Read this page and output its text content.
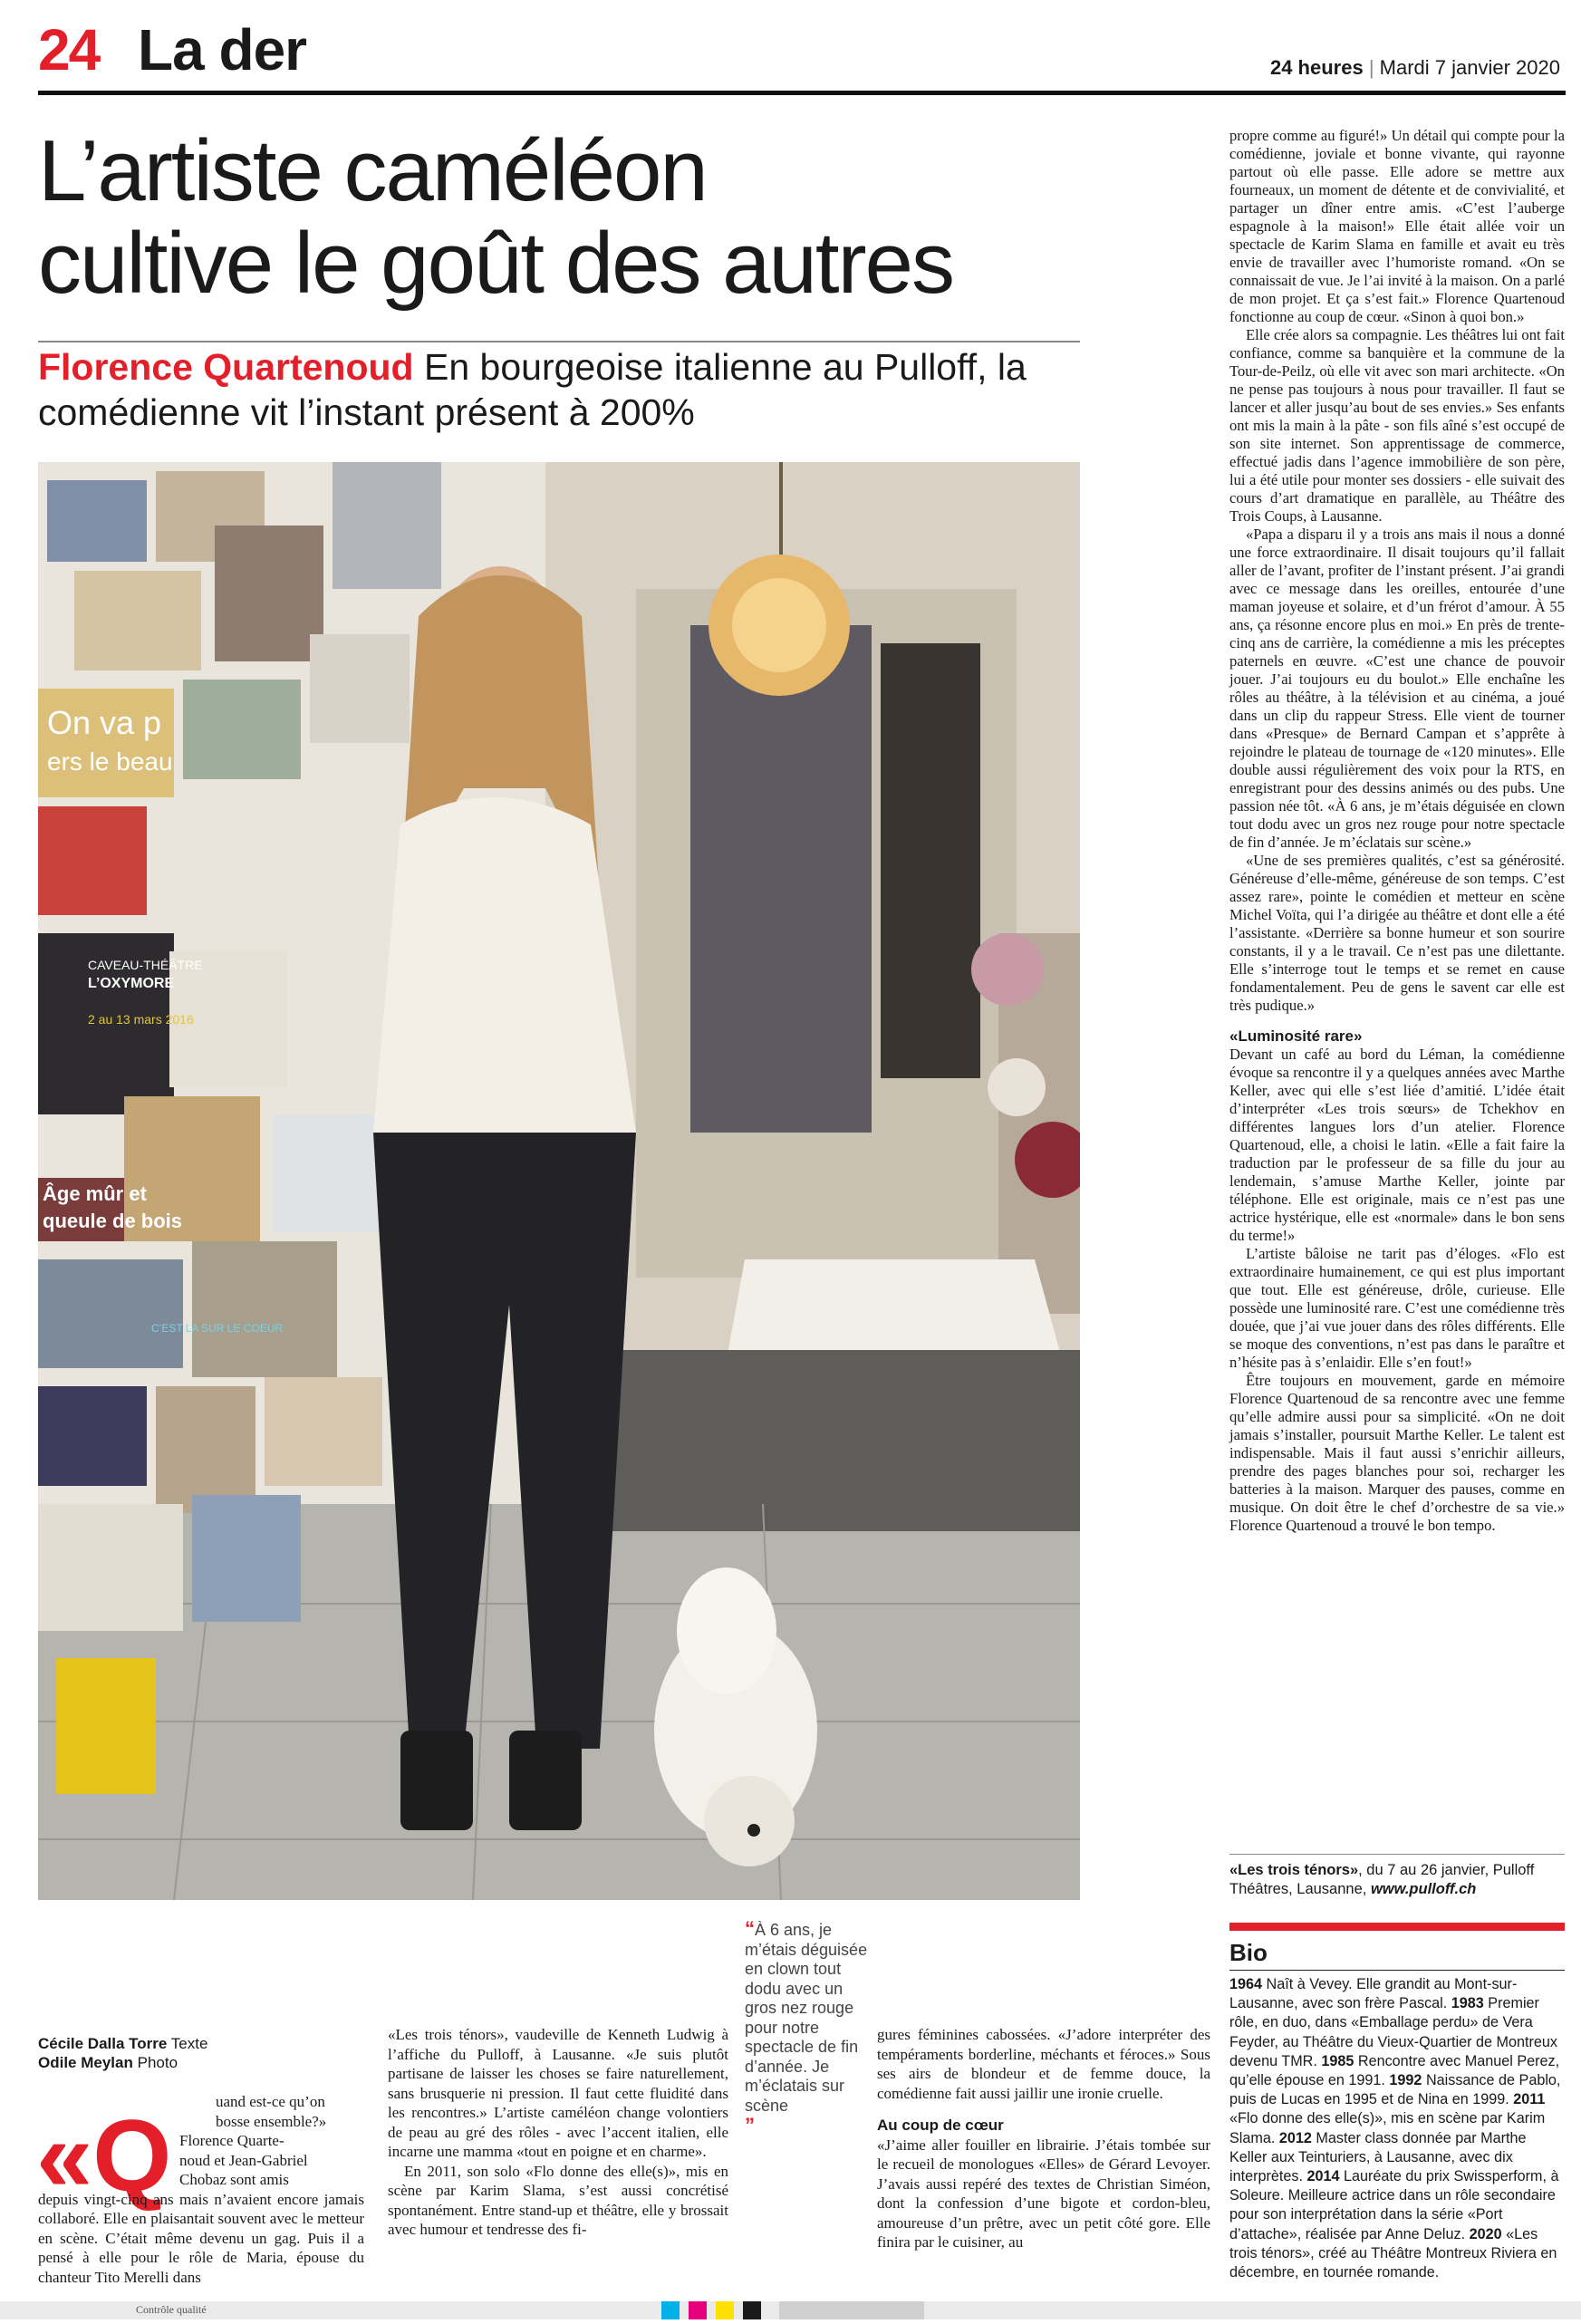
24 La der	24 heures | Mardi 7 janvier 2020
L’artiste caméléon
cultive le goût des autres
Florence Quartenoud En bourgeoise italienne au Pulloff, la comédienne vit l’instant présent à 200%
On va p
ers le beau
CAVEAU-THÉÂTRE
L’OXYMORE
2 au 13 mars 2016
Âge mûr et
queule de bois
C’EST LA SUR LE COEUR
Cécile Dalla Torre Texte
Odile Meylan Photo
«Q	uand est-ce qu’on
bosse ensemble?»
Florence Quarte-
noud et Jean-Gabriel
Chobaz sont amis
depuis vingt-cinq ans mais n’avaient encore jamais collaboré. Elle en plaisantait souvent avec le metteur en scène. C’était même devenu un gag. Puis il a pensé à elle pour le rôle de Maria, épouse du chanteur Tito Merelli dans

«Les trois ténors», vaudeville de Kenneth Ludwig à l’affiche du Pulloff, à Lausanne. «Je suis plutôt partisane de laisser les choses se faire naturellement, sans brusquerie ni pression. Il faut cette fluidité dans les rencontres.» L’artiste caméléon change volontiers de peau au gré des rôles - avec l’accent italien, elle incarne une mamma «tout en poigne et en charme».

En 2011, son solo «Flo donne des elle(s)», mis en scène par Karim Slama, s’est aussi concrétisé spontanément. Entre stand-up et théâtre, elle y brossait avec humour et tendresse des fi-

“À 6 ans, je m’étais déguisée en clown tout dodu avec un gros nez rouge pour notre spectacle de fin d’année. Je m’éclatais sur scène
”

gures féminines cabossées. «J’adore interpréter des tempéraments borderline, méchants et féroces.» Sous ses airs de blondeur et de femme douce, la comédienne fait aussi jaillir une ironie cruelle.

Au coup de cœur

«J’aime aller fouiller en librairie. J’étais tombée sur le recueil de monologues «Elles» de Gérard Levoyer. J’avais aussi repéré des textes de Christian Siméon, dont la confession d’une bigote et cordon-bleu, amoureuse d’un prêtre, avec un petit côté gore. Elle finira par le cuisiner, au

propre comme au figuré!» Un détail qui compte pour la comédienne, joviale et bonne vivante, qui rayonne partout où elle passe. Elle adore se mettre aux fourneaux, un moment de détente et de convivialité, et partager un dîner entre amis. «C’est l’auberge espagnole à la maison!» Elle était allée voir un spectacle de Karim Slama en famille et avait eu très envie de travailler avec l’humoriste romand. «On se connaissait de vue. Je l’ai invité à la maison. On a parlé de mon projet. Et ça s’est fait.» Florence Quartenoud fonctionne au coup de cœur. «Sinon à quoi bon.»

Elle crée alors sa compagnie. Les théâtres lui ont fait confiance, comme sa banquière et la commune de la Tour-de-Peilz, où elle vit avec son mari architecte. «On ne pense pas toujours à nous pour travailler. Il faut se lancer et aller jusqu’au bout de ses envies.» Ses enfants ont mis la main à la pâte - son fils aîné s’est occupé de son site internet. Son apprentissage de commerce, effectué jadis dans l’agence immobilière de son père, lui a été utile pour monter ses dossiers - elle suivait des cours d’art dramatique en parallèle, au Théâtre des Trois Coups, à Lausanne.

«Papa a disparu il y a trois ans mais il nous a donné une force extraordinaire. Il disait toujours qu’il fallait aller de l’avant, profiter de l’instant présent. J’ai grandi avec ce message dans les oreilles, entourée d’une maman joyeuse et solaire, et d’un frérot d’amour. À 55 ans, ça résonne encore plus en moi.» En près de trente-cinq ans de carrière, la comédienne a mis les préceptes paternels en œuvre. «C’est une chance de pouvoir jouer. J’ai toujours eu du boulot.» Elle enchaîne les rôles au théâtre, à la télévision et au cinéma, a joué dans un clip du rappeur Stress. Elle vient de tourner dans «Presque» de Bernard Campan et s’apprête à rejoindre le plateau de tournage de «120 minutes». Elle double aussi régulièrement des voix pour la RTS, en enregistrant pour des dessins animés ou des pubs. Une passion née tôt. «À 6 ans, je m’étais déguisée en clown tout dodu avec un gros nez rouge pour notre spectacle de fin d’année. Je m’éclatais sur scène.»

«Une de ses premières qualités, c’est sa générosité. Généreuse d’elle-même, généreuse de son temps. C’est assez rare», pointe le comédien et metteur en scène Michel Voïta, qui l’a dirigée au théâtre et dont elle a été l’assistante. «Derrière sa bonne humeur et son sourire constants, il y a le travail. Ce n’est pas une dilettante. Elle s’interroge tout le temps et se remet en cause fondamentalement. Peu de gens le savent car elle est très pudique.»

«Luminosité rare»

Devant un café au bord du Léman, la comédienne évoque sa rencontre il y a quelques années avec Marthe Keller, avec qui elle s’est liée d’amitié. L’idée était d’interpréter «Les trois sœurs» de Tchekhov en différentes langues lors d’un atelier. Florence Quartenoud, elle, a choisi le latin. «Elle a fait faire la traduction par le professeur de sa fille du jour au lendemain, s’amuse Marthe Keller, jointe par téléphone. Elle est originale, mais ce n’est pas une actrice hystérique, elle est «normale» dans le bon sens du terme!»

L’artiste bâloise ne tarit pas d’éloges. «Flo est extraordinaire humainement, ce qui est plus important que tout. Elle est généreuse, drôle, curieuse. Elle possède une luminosité rare. C’est une comédienne très douée, que j’ai vue jouer dans des rôles différents. Elle se moque des conventions, n’est pas dans le paraître et n’hésite pas à s’enlaidir. Elle s’en fout!»

Être toujours en mouvement, garde en mémoire Florence Quartenoud de sa rencontre avec une femme qu’elle admire aussi pour sa simplicité. «On ne doit jamais s’installer, poursuit Marthe Keller. Le talent est indispensable. Mais il faut aussi s’enrichir ailleurs, prendre des pages blanches pour soi, recharger les batteries à la maison. Marquer des pauses, comme en musique. On doit être le chef d’orchestre de sa vie.» Florence Quartenoud a trouvé le bon tempo.

«Les trois ténors», du 7 au 26 janvier, Pulloff Théâtres, Lausanne, www.pulloff.ch
Bio
1964 Naît à Vevey. Elle grandit au Mont-sur-Lausanne, avec son frère Pascal. 1983 Premier rôle, en duo, dans «Emballage perdu» de Vera Feyder, au Théâtre du Vieux-Quartier de Montreux devenu TMR. 1985 Rencontre avec Manuel Perez, qu’elle épouse en 1991. 1992 Naissance de Pablo, puis de Lucas en 1995 et de Nina en 1999. 2011 «Flo donne des elle(s)», mis en scène par Karim Slama. 2012 Master class donnée par Marthe Keller aux Teinturiers, à Lausanne, avec dix interprètes. 2014 Lauréate du prix Swissperform, à Soleure. Meilleure actrice dans un rôle secondaire pour son interprétation dans la série «Port d’attache», réalisée par Anne Deluz. 2020 «Les trois ténors», créé au Théâtre Montreux Riviera en décembre, en tournée romande.
Contrôle qualité
